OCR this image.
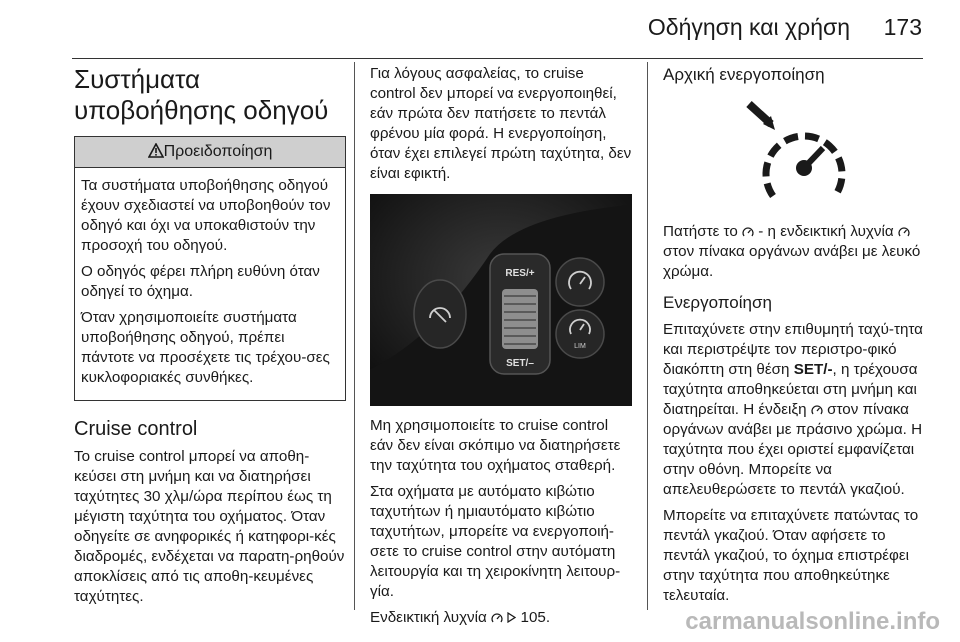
Οδήγηση και χρήση 173
Συστήματα
υποβοήθησης οδηγού
Προειδοποίηση

Τα συστήματα υποβοήθησης οδηγού έχουν σχεδιαστεί να υποβοηθούν τον οδηγό και όχι να υποκαθιστούν την προσοχή του οδηγού.

Ο οδηγός φέρει πλήρη ευθύνη όταν οδηγεί το όχημα.

Όταν χρησιμοποιείτε συστήματα υποβοήθησης οδηγού, πρέπει πάντοτε να προσέχετε τις τρέχου-σες κυκλοφοριακές συνθήκες.

Cruise control

Το cruise control μπορεί να αποθη-κεύσει στη μνήμη και να διατηρήσει ταχύτητες 30 χλμ/ώρα περίπου έως τη μέγιστη ταχύτητα του οχήματος. Όταν οδηγείτε σε ανηφορικές ή κατηφορι-κές διαδρομές, ενδέχεται να παρατη-ρηθούν αποκλίσεις από τις αποθη-κευμένες ταχύτητες.

Για λόγους ασφαλείας, το cruise control δεν μπορεί να ενεργοποιηθεί, εάν πρώτα δεν πατήσετε το πεντάλ φρένου μία φορά. Η ενεργοποίηση, όταν έχει επιλεγεί πρώτη ταχύτητα, δεν είναι εφικτή.

RES/+
SET/–
LIM

Μη χρησιμοποιείτε το cruise control εάν δεν είναι σκόπιμο να διατηρήσετε την ταχύτητα του οχήματος σταθερή.

Στα οχήματα με αυτόματο κιβώτιο ταχυτήτων ή ημιαυτόματο κιβώτιο ταχυτήτων, μπορείτε να ενεργοποιή-σετε το cruise control στην αυτόματη λειτουργία και τη χειροκίνητη λειτουρ-γία.

Ενδεικτική λυχνία 105.

Αρχική ενεργοποίηση

Πατήστε το - η ενδεικτική λυχνία  στον πίνακα οργάνων ανάβει με λευκό χρώμα.

Ενεργοποίηση

Επιταχύνετε στην επιθυμητή ταχύ-τητα και περιστρέψτε τον περιστρο-φικό διακόπτη στη θέση SET/-, η τρέχουσα ταχύτητα αποθηκεύεται στη μνήμη και διατηρείται. Η ένδειξη στον πίνακα οργάνων ανάβει με πράσινο χρώμα. Η ταχύτητα που έχει οριστεί εμφανίζεται στην οθόνη. Μπορείτε να απελευθερώσετε το πεντάλ γκαζιού.

Μπορείτε να επιταχύνετε πατώντας το πεντάλ γκαζιού. Όταν αφήσετε το πεντάλ γκαζιού, το όχημα επιστρέφει στην ταχύτητα που αποθηκεύτηκε τελευταία.

carmanualsonline.info
